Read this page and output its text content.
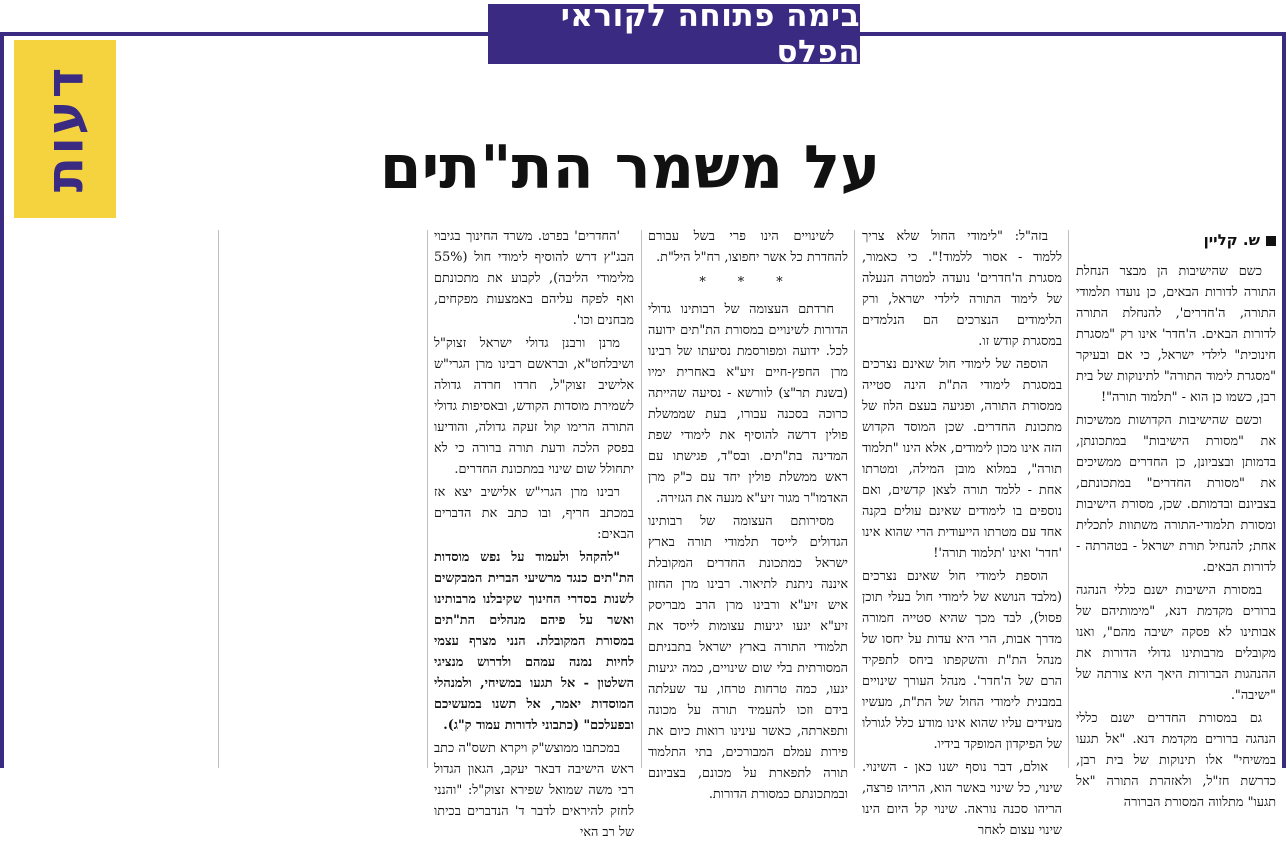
בימה פתוחה לקוראי הפלס
דעות	על משמר הת"תים
ש. קליין

כשם שהישיבות הן מבצר הנחלת התורה לדורות הבאים, כן נועדו תלמודי התורה, ה'חדרים', להנחלת התורה לדורות הבאים. ה'חדר' אינו רק "מסגרת חינוכית" לילדי ישראל, כי אם ובעיקר "מסגרת לימוד התורה" לתינוקות של בית רבן, כשמו כן הוא - "תלמוד תורה"!

וכשם שהישיבות הקדושות ממשיכות את "מסורת הישיבות" במתכונתן, בדמותן ובצביונן, כן החדרים ממשיכים את "מסורת החדרים" במתכונתם, בצביונם ובדמותם. שכן, מסורת הישיבות ומסורת תלמודי-התורה משתוות לתכלית אחת; להנחיל תורת ישראל - בטהרתה - לדורות הבאים.

במסורת הישיבות ישנם כללי הנהגה ברורים מקדמת דנא, "מימותיהם של אבותינו לא פסקה ישיבה מהם", ואנו מקובלים מרבותינו גדולי הדורות את ההנהגות הברורות היאך היא צורתה של "ישיבה".

גם במסורת החדרים ישנם כללי הנהגה ברורים מקדמת דנא. "אל תגעו במשיחי" אלו תינוקות של בית רבן, כדרשת חז"ל, ולאזהרת התורה "אל תגעו" מתלווה המסורת הברורה

בזה"ל: "לימודי החול שלא צריך ללמוד - אסור ללמוד!". כי כאמור, מסגרת ה'חדרים' נועדה למטרה הנעלה של לימוד התורה לילדי ישראל, ורק הלימודים הנצרכים הם הנלמדים במסגרת קודש זו.

הוספה של לימודי חול שאינם נצרכים במסגרת לימודי הת"ת הינה סטייה ממסורת התורה, ופגיעה בעצם הלוז של מתכונת החדרים. שכן המוסד הקדוש הזה אינו מכון לימודים, אלא הינו "תלמוד תורה", במלוא מובן המילה, ומטרתו אחת - ללמד תורה לצאן קדשים, ואם נוספים בו לימודים שאינם עולים בקנה אחד עם מטרתו הייעודית הרי שהוא אינו 'חדר' ואינו 'תלמוד תורה'!

הוספת לימודי חול שאינם נצרכים (מלבד הנושא של לימודי חול בעלי תוכן פסול), לבד מכך שהיא סטייה חמורה מדרך אבות, הרי היא עדות על יחסו של מנהל הת"ת והשקפתו ביחס לתפקיד הרם של ה'חדר'. מנהל העורך שינויים במבנית לימודי החול של הת"ת, מעשיו מעידים עליו שהוא אינו מודע כלל לגורלו של הפיקדון המופקד בידיו.

אולם, דבר נוסף ישנו כאן - השינוי. שינוי, כל שינוי באשר הוא, הריהו פרצה, הריהו סכנה נוראה. שינוי קל היום הינו שינוי עצום לאחר

לשינויים הינו פרי בשל עבורם להחדרת כל אשר יחפוצו, רח"ל היל"ת.

* * *

חרדתם העצומה של רבותינו גדולי הדורות לשינויים במסורת הת"תים ידועה לכל. ידועה ומפורסמת נסיעתו של רבינו מרן החפץ-חיים זיע"א באחרית ימיו (בשנת תר"צ) לוורשא - נסיעה שהייתה כרוכה בסכנה עבורו, בעת שממשלת פולין דרשה להוסיף את לימודי שפת המדינה בת"תים. ובס"ד, פגישתו עם ראש ממשלת פולין יחד עם כ"ק מרן האדמו"ר מגור זיע"א מנעה את הגזירה.

מסירותם העצומה של רבותינו הגדולים לייסד תלמודי תורה בארץ ישראל כמתכונת החדרים המקובלת איננה ניתנת לתיאור. רבינו מרן החזון איש זיע"א ורבינו מרן הרב מבריסק זיע"א יגעו יגיעות עצומות לייסד את תלמודי התורה בארץ ישראל בתבניתם המסורתית בלי שום שינויים, כמה יגיעות יגעו, כמה טרחות טרחו, עד שעלתה בידם וזכו להעמיד תורה על מכונה ותפארתה, כאשר עינינו רואות כיום את פירות עמלם המבורכים, בתי התלמוד תורה לתפארת על מכונם, בצביונם ובמתכונתם כמסורת הדורות.

'החדרים' בפרט. משרד החינוך בגיבוי הבג"ץ דרש להוסיף לימודי חול (55% מלימודי הליבה), לקבוע את מתכונתם ואף לפקח עליהם באמצעות מפקחים, מבחנים וכו'.

מרנן ורבנן גדולי ישראל זצוק"ל ושיבלחט"א, ובראשם רבינו מרן הגרי"ש אלישיב זצוק"ל, חרדו חרדה גדולה לשמירת מוסדות הקודש, ובאסיפות גדולי התורה הרימו קול זעקה גדולה, והודיעו בפסק הלכה ודעת תורה ברורה כי לא יתחולל שום שינוי במתכונת החדרים.

רבינו מרן הגרי"ש אלישיב יצא אז במכתב חריף, ובו כתב את הדברים הבאים:

"להקהל ולעמוד על נפש מוסדות הת"תים כנגד מרשיעי הברית המבקשים לשנות בסדרי החינוך שקיבלנו מרבותינו ואשר על פיהם מנהלים הת"תים במסורת המקובלת. הנני מצרף עצמי לחיות נמנה עמהם ולדרוש מנציגי השלטון - אל תגעו במשיחי, ולמנהלי המוסדות יאמר, אל תשנו במעשיכם ובפעלכם" (כתבוני לדורות עמוד ק"ג).

במכתבו ממוצש"ק ויקרא תשס"ה כתב ראש הישיבה דבאר יעקב, הגאון הגדול רבי משה שמואל שפירא זצוק"ל: "והנני לחזק להיראים לדבר ד' הנדברים בכיתו של רב האי
